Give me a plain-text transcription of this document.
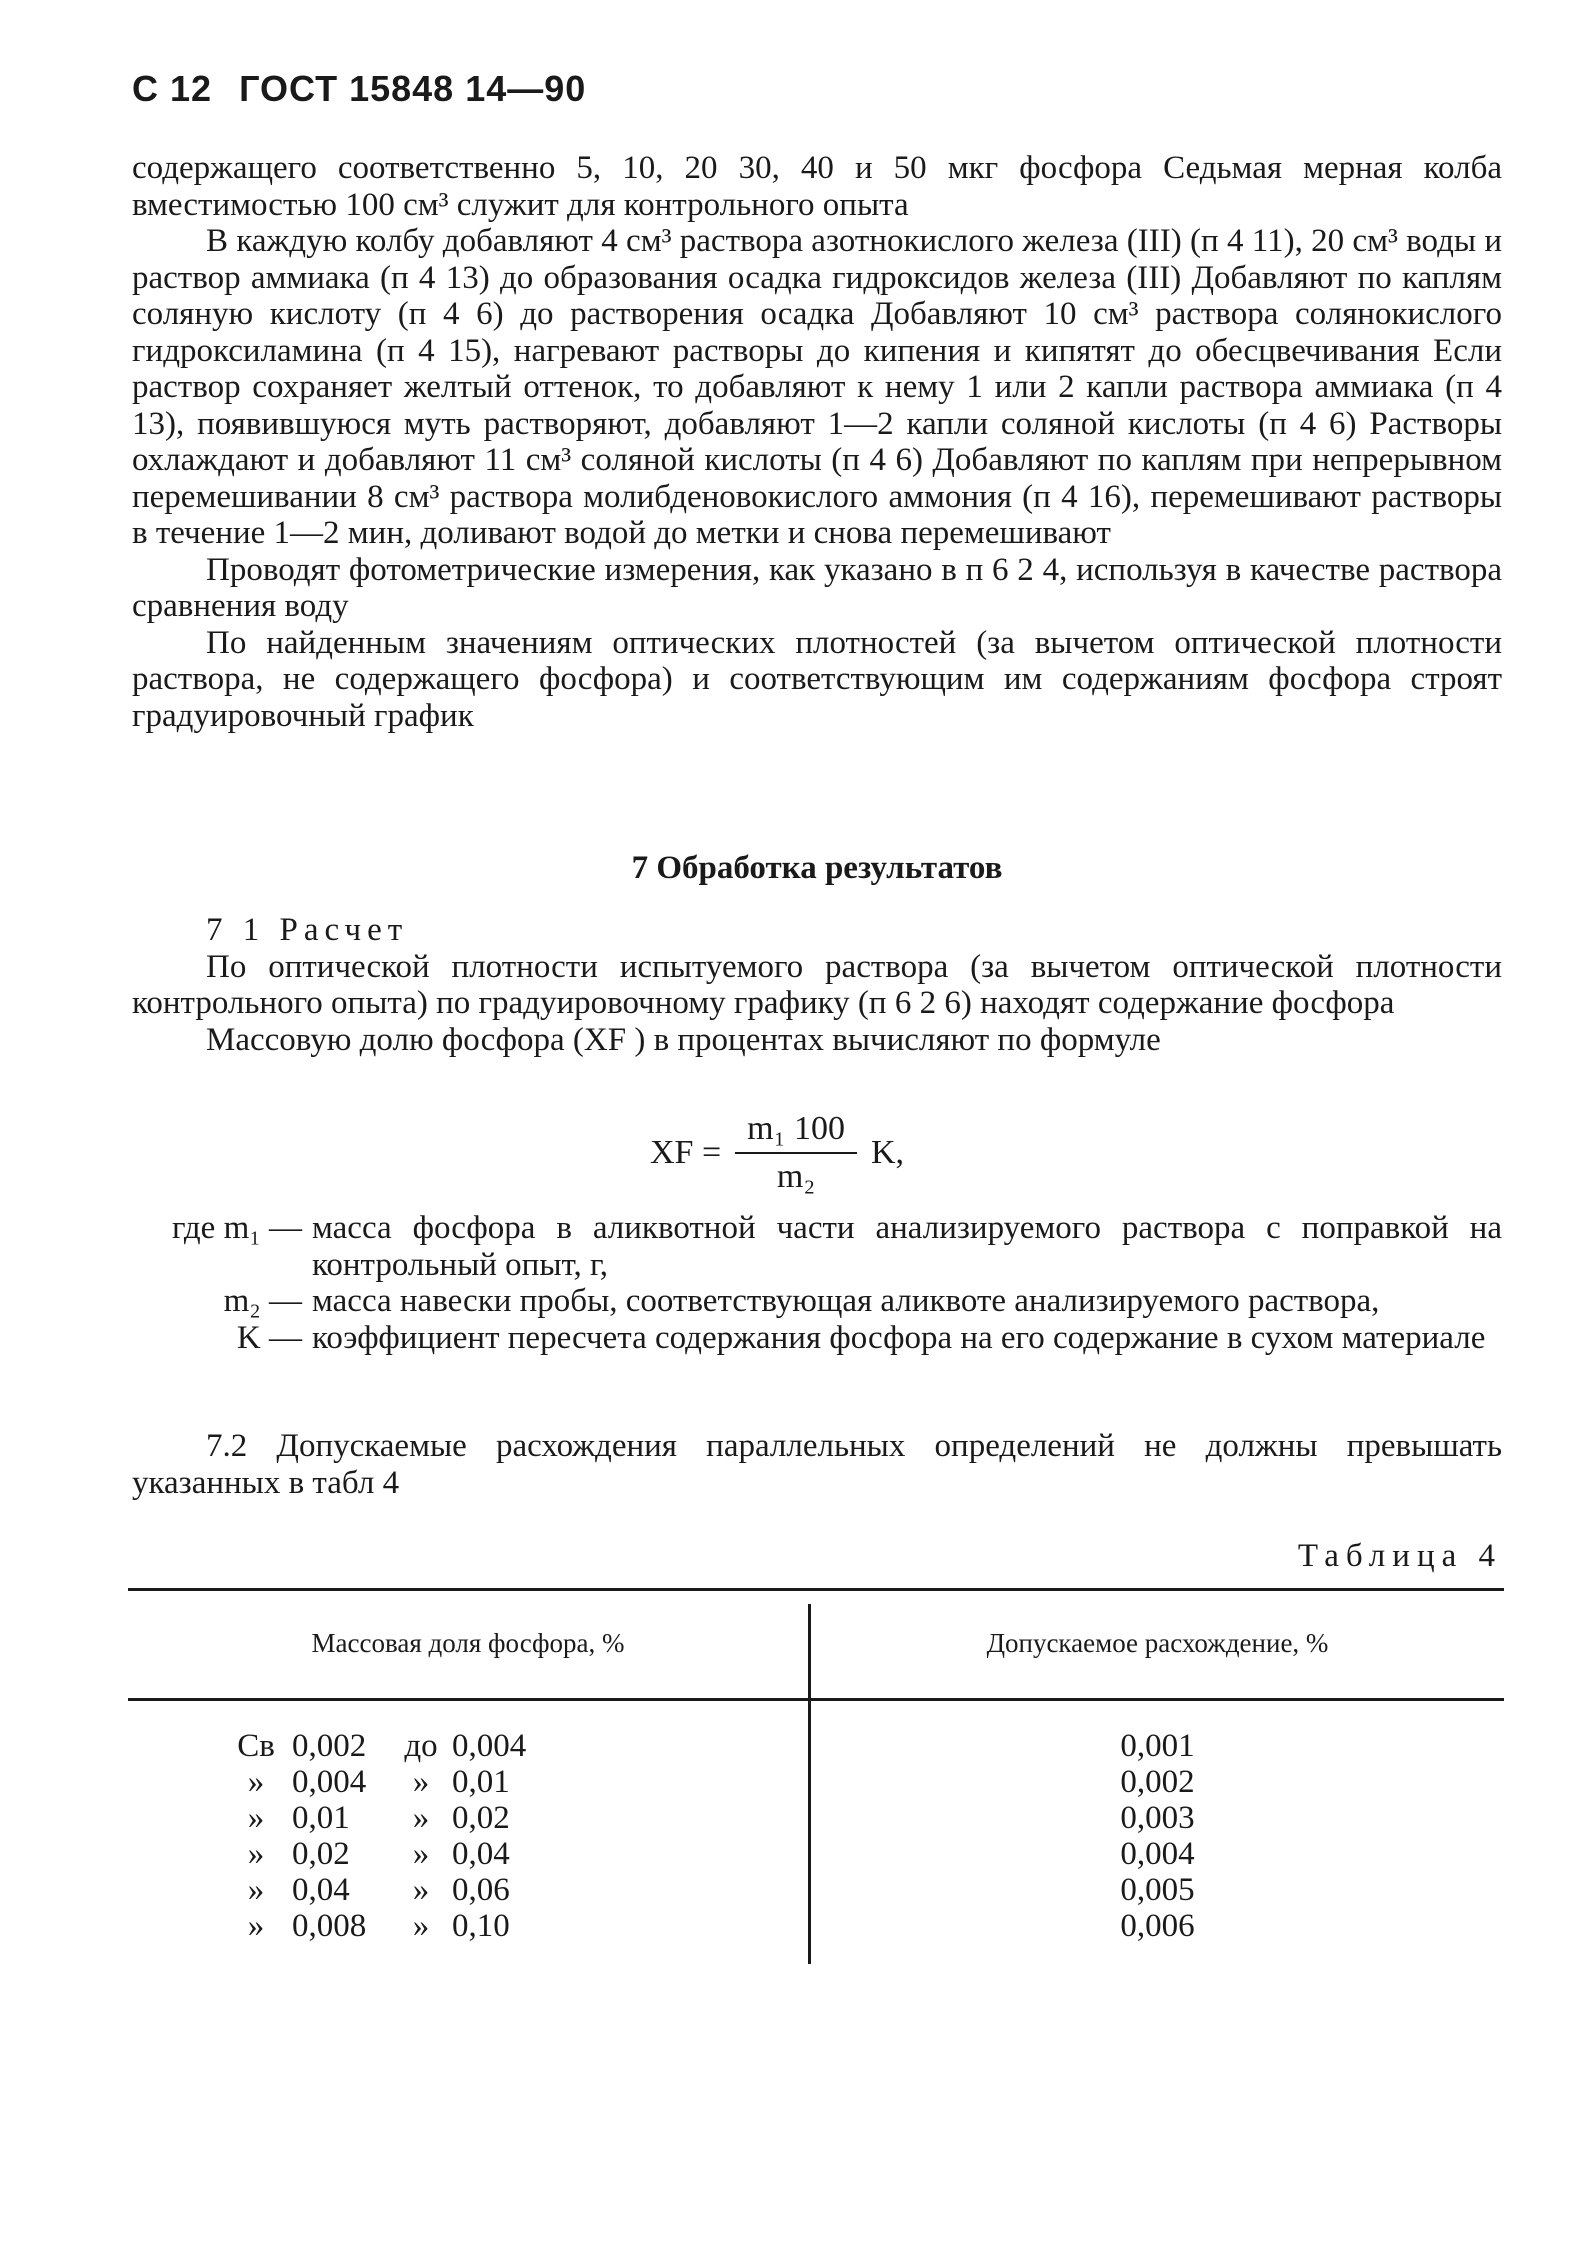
С 12 ГОСТ 15848 14—90

содержащего соответственно 5, 10, 20 30, 40 и 50 мкг фосфора Седьмая мерная колба вместимостью 100 см³ служит для контрольного опыта

В каждую колбу добавляют 4 см³ раствора азотнокислого железа (III) (п 4 11), 20 см³ воды и раствор аммиака (п 4 13) до образования осадка гидроксидов железа (III) Добавляют по каплям соляную кислоту (п 4 6) до растворения осадка Добавляют 10 см³ раствора солянокислого гидроксиламина (п 4 15), нагревают растворы до кипения и кипятят до обесцвечивания Если раствор сохраняет желтый оттенок, то добавляют к нему 1 или 2 капли раствора аммиака (п 4 13), появившуюся муть растворяют, добавляют 1—2 капли соляной кислоты (п 4 6) Растворы охлаждают и добавляют 11 см³ соляной кислоты (п 4 6) Добавляют по каплям при непрерывном перемешивании 8 см³ раствора молибденовокислого аммония (п 4 16), перемешивают растворы в течение 1—2 мин, доливают водой до метки и снова перемешивают

Проводят фотометрические измерения, как указано в п 6 2 4, используя в качестве раствора сравнения воду

По найденным значениям оптических плотностей (за вычетом оптической плотности раствора, не содержащего фосфора) и соответствующим им содержаниям фосфора строят градуировочный график

7 Обработка результатов

7 1 Расчет

По оптической плотности испытуемого раствора (за вычетом оптической плотности контрольного опыта) по градуировочному графику (п 6 2 6) находят содержание фосфора

Массовую долю фосфора (XF ) в процентах вычисляют по формуле

XF = $\frac{\text{m₁ 100}}{\text{m₂}} K$,
где m₁ — масса фосфора в аликвотной части анализируемого раствора с поправкой на контрольный опыт, г,
m₂ — масса навески пробы, соответствующая аликвоте анализируемого раствора,
K — коэффициент пересчета содержания фосфора на его содержание в сухом материале

7.2 Допускаемые расхождения параллельных определений не должны превышать указанных в табл 4

Таблица 4
Массовая доля фосфора, %	Допускаемое расхождение, %
Св 0,002	до 0,004	0,001
» 0,004	» 0,01	0,002
» 0,01	» 0,02	0,003
» 0,02	» 0,04	0,004
» 0,04	» 0,06	0,005
» 0,008	» 0,10	0,006
